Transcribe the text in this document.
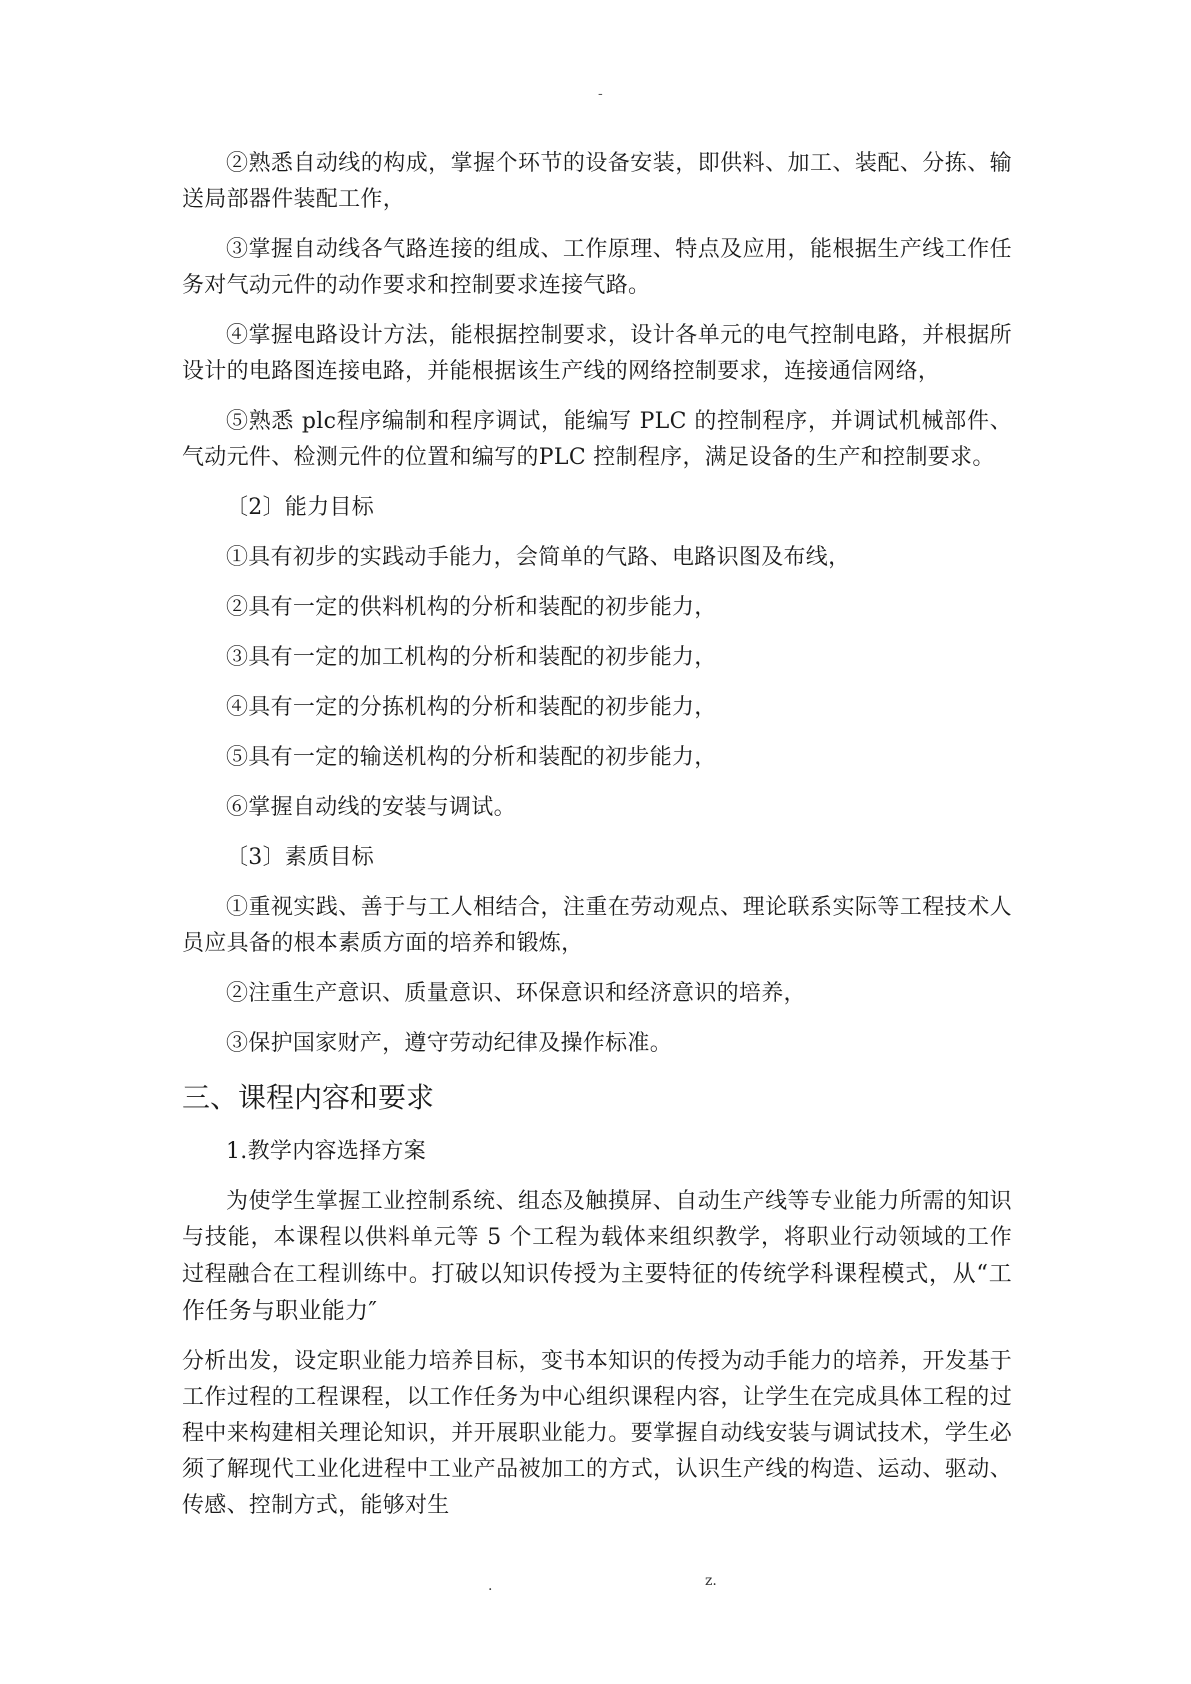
-

②熟悉自动线的构成，掌握个环节的设备安装，即供料、加工、装配、分拣、输送局部器件装配工作，

③掌握自动线各气路连接的组成、工作原理、特点及应用，能根据生产线工作任务对气动元件的动作要求和控制要求连接气路。

④掌握电路设计方法，能根据控制要求，设计各单元的电气控制电路，并根据所设计的电路图连接电路，并能根据该生产线的网络控制要求，连接通信网络，

⑤熟悉 plc程序编制和程序调试，能编写 PLC 的控制程序，并调试机械部件、气动元件、检测元件的位置和编写的PLC 控制程序，满足设备的生产和控制要求。

〔2〕能力目标

①具有初步的实践动手能力，会简单的气路、电路识图及布线，

②具有一定的供料机构的分析和装配的初步能力，

③具有一定的加工机构的分析和装配的初步能力，

④具有一定的分拣机构的分析和装配的初步能力，

⑤具有一定的输送机构的分析和装配的初步能力，

⑥掌握自动线的安装与调试。

〔3〕素质目标

①重视实践、善于与工人相结合，注重在劳动观点、理论联系实际等工程技术人员应具备的根本素质方面的培养和锻炼，

②注重生产意识、质量意识、环保意识和经济意识的培养，

③保护国家财产，遵守劳动纪律及操作标准。

三、课程内容和要求

1.教学内容选择方案

为使学生掌握工业控制系统、组态及触摸屏、自动生产线等专业能力所需的知识与技能，本课程以供料单元等 5 个工程为载体来组织教学，将职业行动领域的工作过程融合在工程训练中。打破以知识传授为主要特征的传统学科课程模式，从“工作任务与职业能力″

分析出发，设定职业能力培养目标，变书本知识的传授为动手能力的培养，开发基于工作过程的工程课程，以工作任务为中心组织课程内容，让学生在完成具体工程的过程中来构建相关理论知识，并开展职业能力。要掌握自动线安装与调试技术，学生必须了解现代工业化进程中工业产品被加工的方式，认识生产线的构造、运动、驱动、传感、控制方式，能够对生

.	z.
